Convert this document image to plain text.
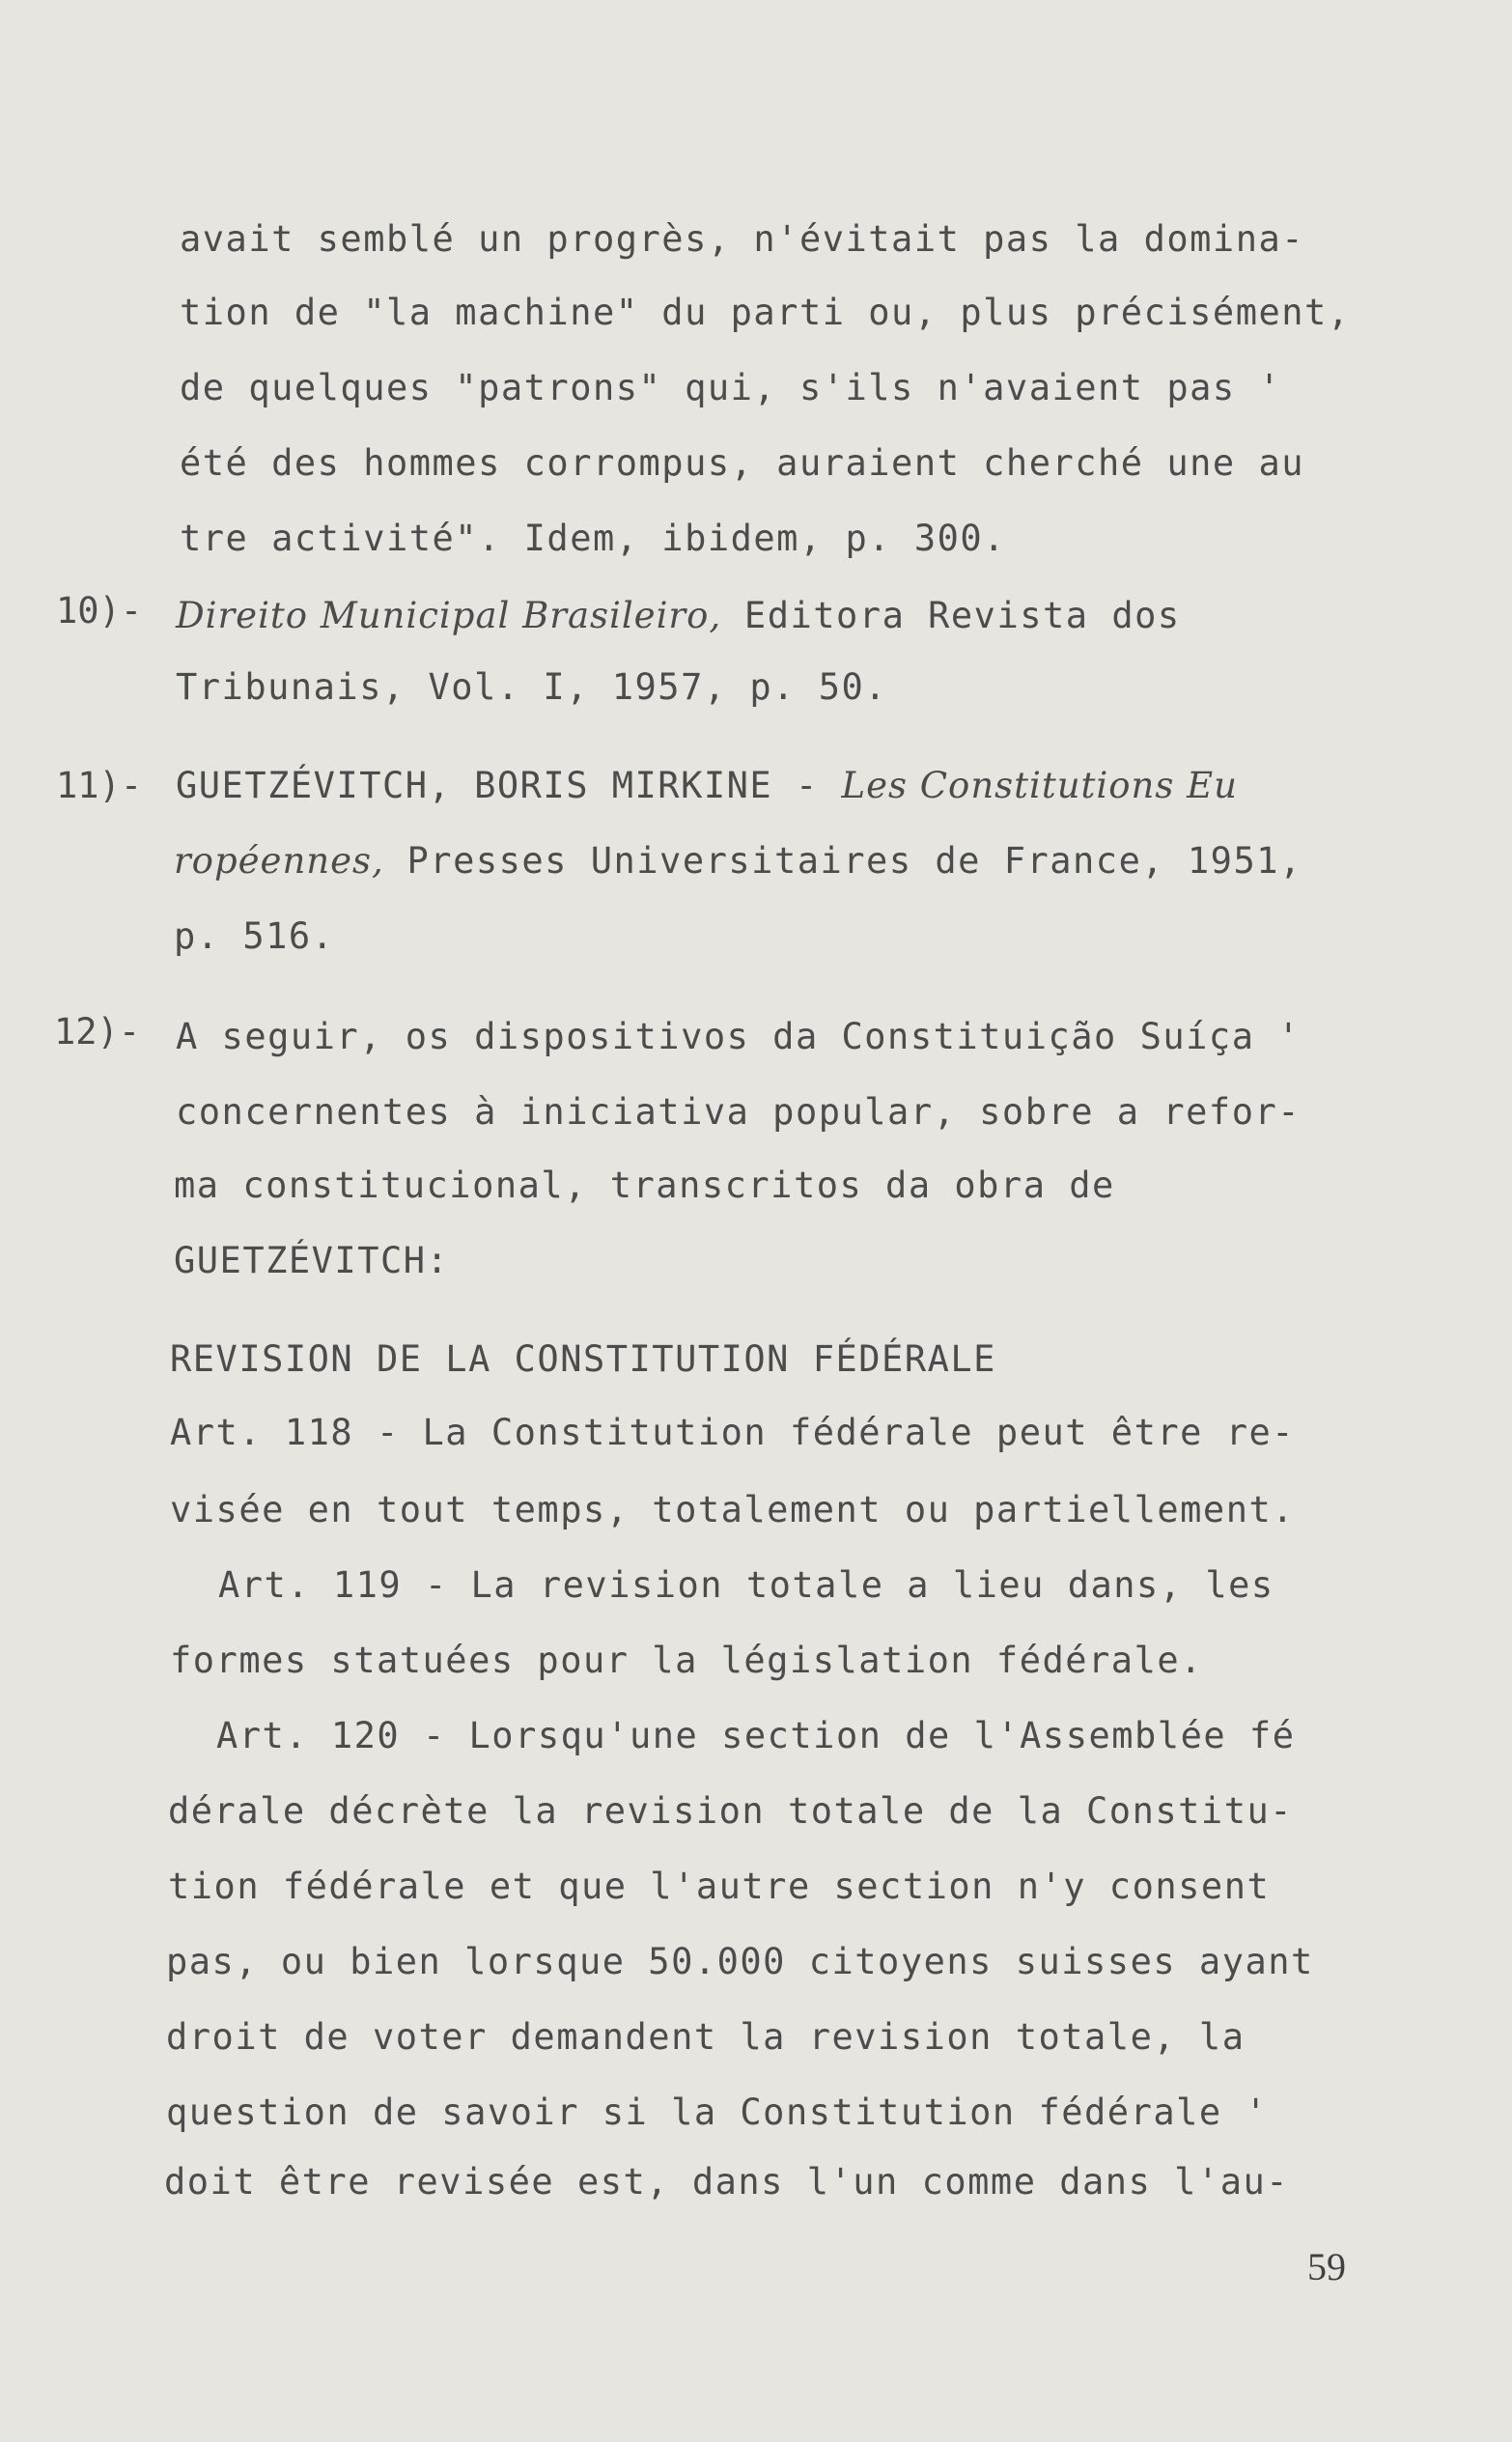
avait semblé un progrès, n'évitait pas la domina-
tion de "la machine" du parti ou, plus précisément,
de quelques "patrons" qui, s'ils n'avaient pas '
été des hommes corrompus, auraient cherché une au
tre activité". Idem, ibidem, p. 300.
10)- Direito Municipal Brasileiro, Editora Revista dos
Tribunais, Vol. I, 1957, p. 50.
11)- GUETZÉVITCH, BORIS MIRKINE - Les Constitutions Eu
ropéennes, Presses Universitaires de France, 1951,
p. 516.
12)- A seguir, os dispositivos da Constituição Suíça '
concernentes à iniciativa popular, sobre a refor-
ma constitucional, transcritos da obra de
GUETZÉVITCH:
REVISION DE LA CONSTITUTION FÉDÉRALE
Art. 118 - La Constitution fédérale peut être re-
visée en tout temps, totalement ou partiellement.
Art. 119 - La revision totale a lieu dans, les
formes statuées pour la législation fédérale.
Art. 120 - Lorsqu'une section de l'Assemblée fé
dérale décrète la revision totale de la Constitu-
tion fédérale et que l'autre section n'y consent
pas, ou bien lorsque 50.000 citoyens suisses ayant
droit de voter demandent la revision totale, la
question de savoir si la Constitution fédérale '
doit être revisée est, dans l'un comme dans l'au-
59
